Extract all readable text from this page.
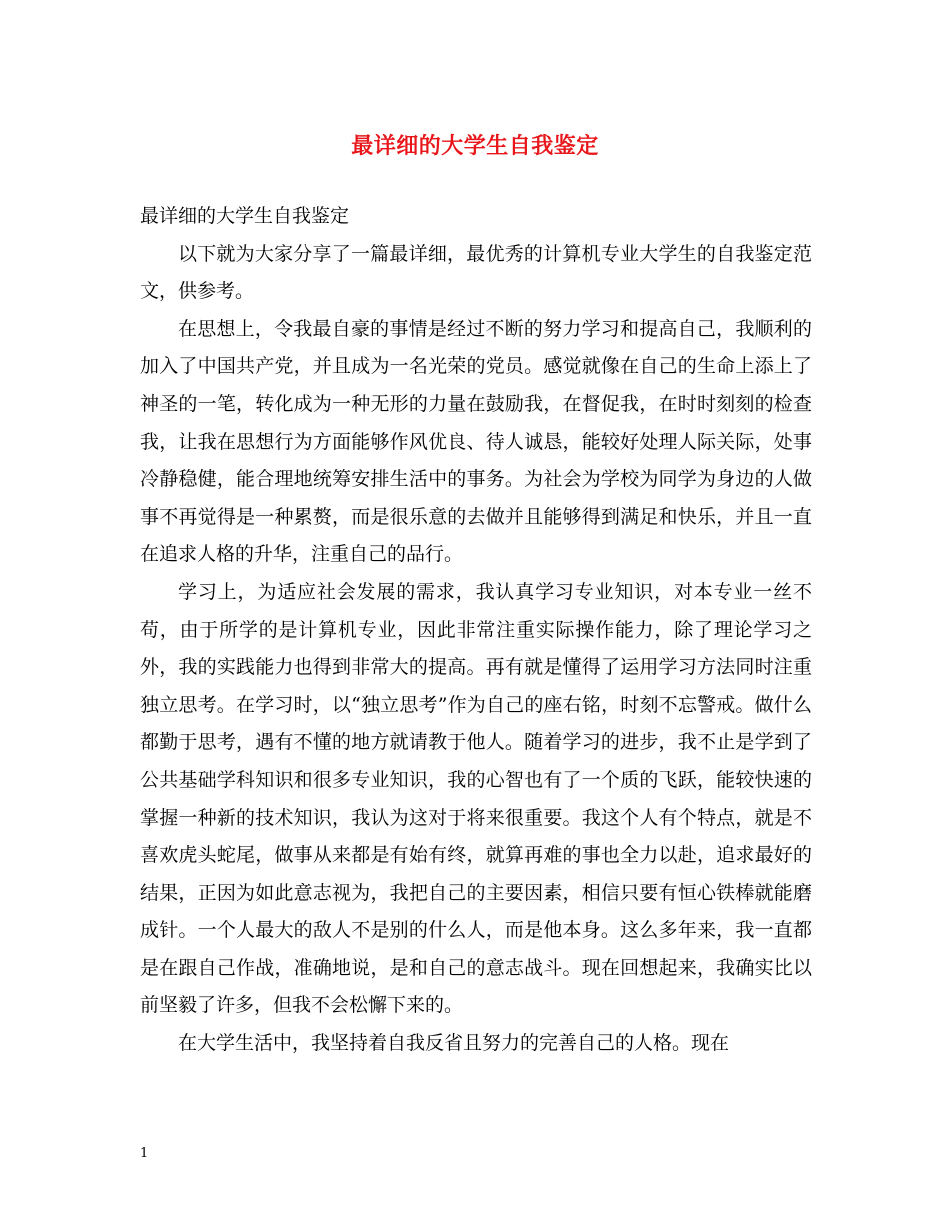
最详细的大学生自我鉴定

最详细的大学生自我鉴定

以下就为大家分享了一篇最详细，最优秀的计算机专业大学生的自我鉴定范文，供参考。

在思想上，令我最自豪的事情是经过不断的努力学习和提高自己，我顺利的加入了中国共产党，并且成为一名光荣的党员。感觉就像在自己的生命上添上了神圣的一笔，转化成为一种无形的力量在鼓励我，在督促我，在时时刻刻的检查我，让我在思想行为方面能够作风优良、待人诚恳，能较好处理人际关际，处事冷静稳健，能合理地统筹安排生活中的事务。为社会为学校为同学为身边的人做事不再觉得是一种累赘，而是很乐意的去做并且能够得到满足和快乐，并且一直在追求人格的升华，注重自己的品行。

学习上，为适应社会发展的需求，我认真学习专业知识，对本专业一丝不苟，由于所学的是计算机专业，因此非常注重实际操作能力，除了理论学习之外，我的实践能力也得到非常大的提高。再有就是懂得了运用学习方法同时注重独立思考。在学习时，以“独立思考”作为自己的座右铭，时刻不忘警戒。做什么都勤于思考，遇有不懂的地方就请教于他人。随着学习的进步，我不止是学到了公共基础学科知识和很多专业知识，我的心智也有了一个质的飞跃，能较快速的掌握一种新的技术知识，我认为这对于将来很重要。我这个人有个特点，就是不喜欢虎头蛇尾，做事从来都是有始有终，就算再难的事也全力以赴，追求最好的结果，正因为如此意志视为，我把自己的主要因素，相信只要有恒心铁棒就能磨成针。一个人最大的敌人不是别的什么人，而是他本身。这么多年来，我一直都是在跟自己作战，准确地说，是和自己的意志战斗。现在回想起来，我确实比以前坚毅了许多，但我不会松懈下来的。

在大学生活中，我坚持着自我反省且努力的完善自己的人格。现在

1
